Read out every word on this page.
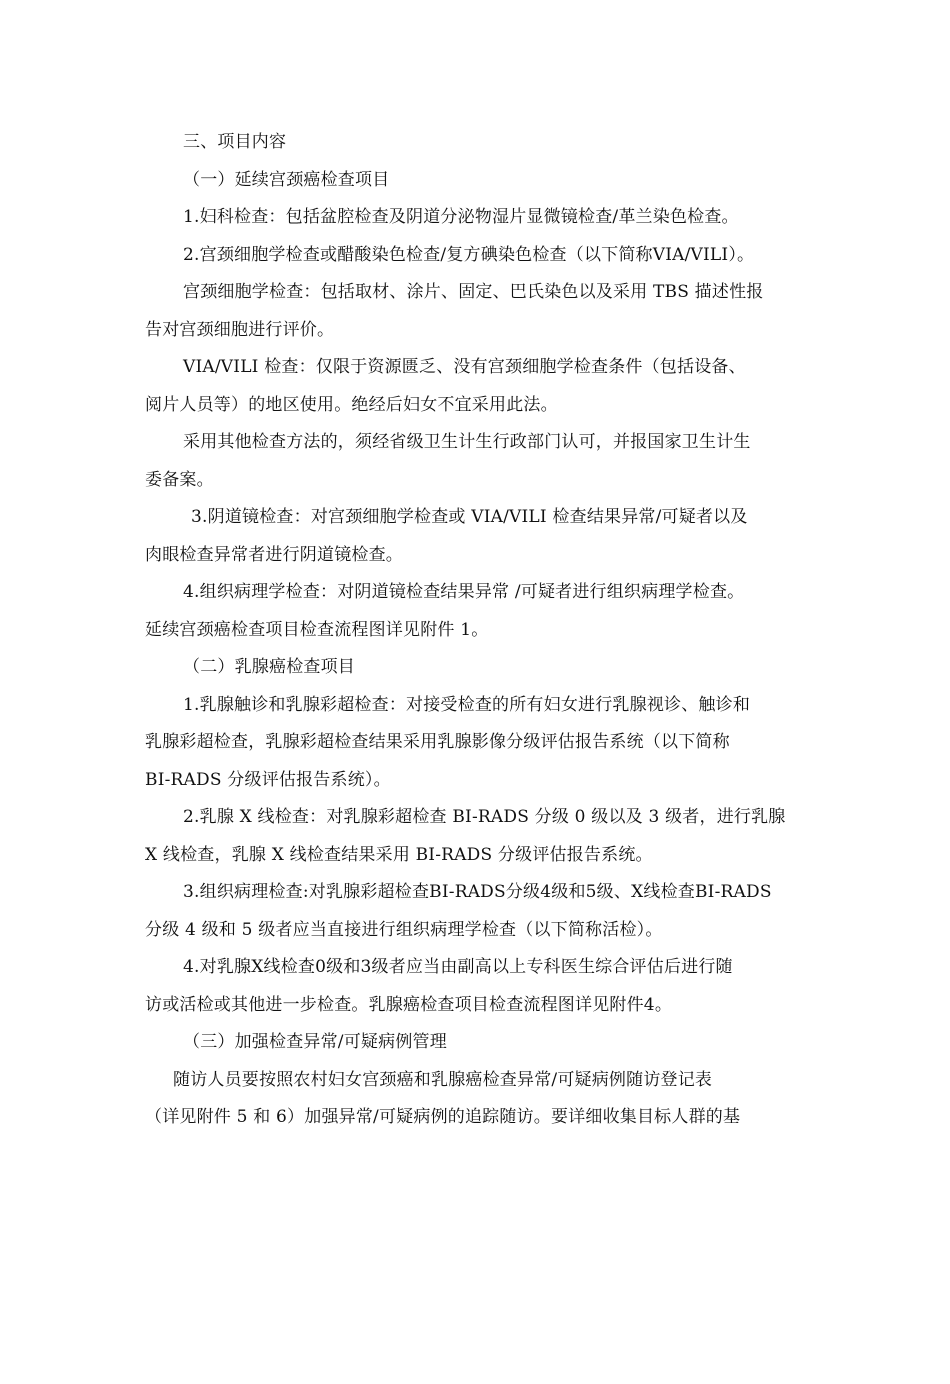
三、项目内容
（一）延续宫颈癌检查项目
1.妇科检查：包括盆腔检查及阴道分泌物湿片显微镜检查/革兰染色检查。
2.宫颈细胞学检查或醋酸染色检查/复方碘染色检查（以下简称VIA/VILI）。
宫颈细胞学检查：包括取材、涂片、固定、巴氏染色以及采用 TBS 描述性报
告对宫颈细胞进行评价。
VIA/VILI 检查：仅限于资源匮乏、没有宫颈细胞学检查条件（包括设备、
阅片人员等）的地区使用。绝经后妇女不宜采用此法。
采用其他检查方法的，须经省级卫生计生行政部门认可，并报国家卫生计生
委备案。
3.阴道镜检查：对宫颈细胞学检查或 VIA/VILI 检查结果异常/可疑者以及
肉眼检查异常者进行阴道镜检查。
4.组织病理学检查：对阴道镜检查结果异常 /可疑者进行组织病理学检查。
延续宫颈癌检查项目检查流程图详见附件 1。
（二）乳腺癌检查项目
1.乳腺触诊和乳腺彩超检查：对接受检查的所有妇女进行乳腺视诊、触诊和
乳腺彩超检查，乳腺彩超检查结果采用乳腺影像分级评估报告系统（以下简称
BI-RADS 分级评估报告系统）。
2.乳腺 X 线检查：对乳腺彩超检查 BI-RADS 分级 0 级以及 3 级者，进行乳腺
X 线检查，乳腺 X 线检查结果采用 BI-RADS 分级评估报告系统。
3.组织病理检查:对乳腺彩超检查BI-RADS分级4级和5级、X线检查BI-RADS
分级 4 级和 5 级者应当直接进行组织病理学检查（以下简称活检）。
4.对乳腺X线检查0级和3级者应当由副高以上专科医生综合评估后进行随
访或活检或其他进一步检查。乳腺癌检查项目检查流程图详见附件4。
（三）加强检查异常/可疑病例管理
随访人员要按照农村妇女宫颈癌和乳腺癌检查异常/可疑病例随访登记表
（详见附件 5 和 6）加强异常/可疑病例的追踪随访。要详细收集目标人群的基
